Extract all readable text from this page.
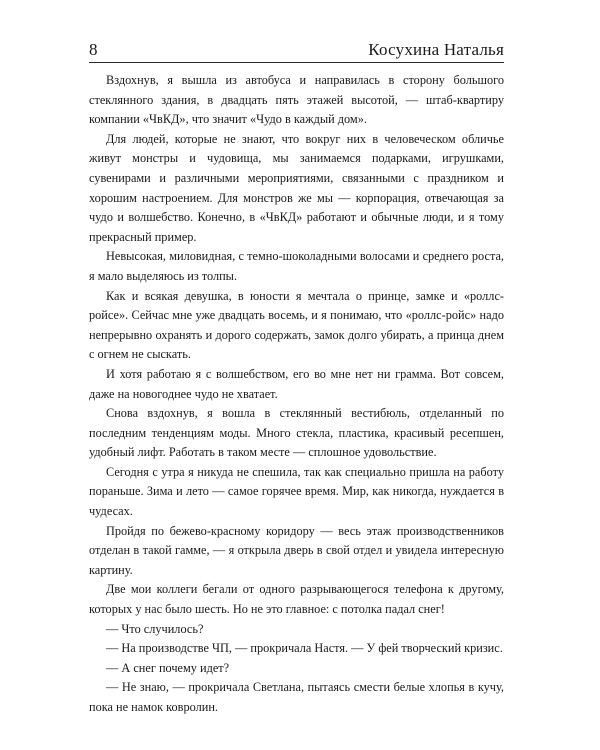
8	Косухина Наталья

Вздохнув, я вышла из автобуса и направилась в сторону большого стеклянного здания, в двадцать пять этажей высотой, — штаб-квартиру компании «ЧвКД», что значит «Чудо в каждый дом».

Для людей, которые не знают, что вокруг них в человеческом обличье живут монстры и чудовища, мы занимаемся подарками, игрушками, сувенирами и различными мероприятиями, связанными с праздником и хорошим настроением. Для монстров же мы — корпорация, отвечающая за чудо и волшебство. Конечно, в «ЧвКД» работают и обычные люди, и я тому прекрасный пример.

Невысокая, миловидная, с темно-шоколадными волосами и среднего роста, я мало выделяюсь из толпы.

Как и всякая девушка, в юности я мечтала о принце, замке и «роллс-ройсе». Сейчас мне уже двадцать восемь, и я понимаю, что «роллс-ройс» надо непрерывно охранять и дорого содержать, замок долго убирать, а принца днем с огнем не сыскать.

И хотя работаю я с волшебством, его во мне нет ни грамма. Вот совсем, даже на новогоднее чудо не хватает.

Снова вздохнув, я вошла в стеклянный вестибюль, отделанный по последним тенденциям моды. Много стекла, пластика, красивый ресепшен, удобный лифт. Работать в таком месте — сплошное удовольствие.

Сегодня с утра я никуда не спешила, так как специально пришла на работу пораньше. Зима и лето — самое горячее время. Мир, как никогда, нуждается в чудесах.

Пройдя по бежево-красному коридору — весь этаж производственников отделан в такой гамме, — я открыла дверь в свой отдел и увидела интересную картину.

Две мои коллеги бегали от одного разрывающегося телефона к другому, которых у нас было шесть. Но не это главное: с потолка падал снег!

— Что случилось?

— На производстве ЧП, — прокричала Настя. — У фей творческий кризис.

— А снег почему идет?

— Не знаю, — прокричала Светлана, пытаясь смести белые хлопья в кучу, пока не намок ковролин.
